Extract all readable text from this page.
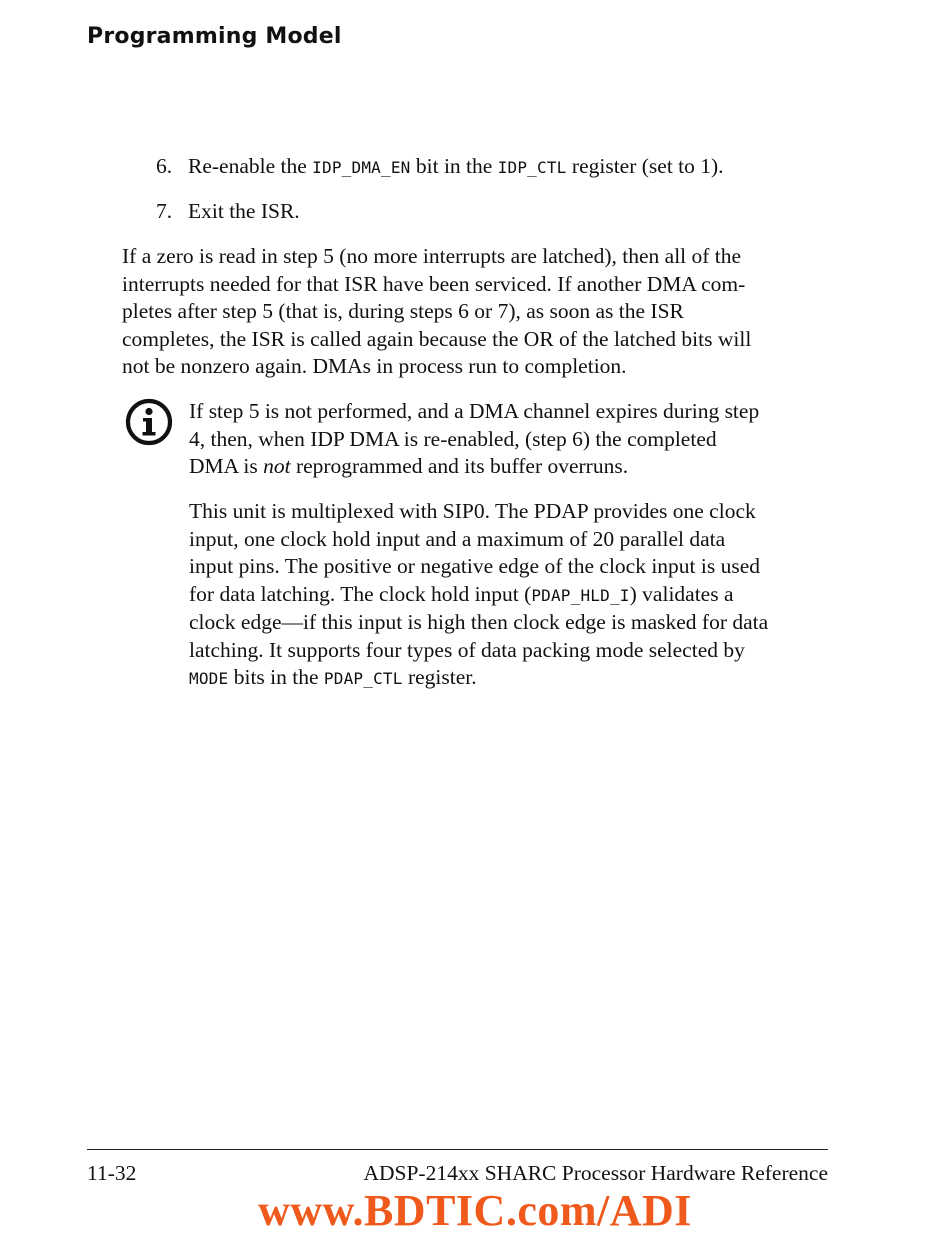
Programming Model
6. Re-enable the IDP_DMA_EN bit in the IDP_CTL register (set to 1).
7. Exit the ISR.
If a zero is read in step 5 (no more interrupts are latched), then all of the
interrupts needed for that ISR have been serviced. If another DMA com-
pletes after step 5 (that is, during steps 6 or 7), as soon as the ISR
completes, the ISR is called again because the OR of the latched bits will
not be nonzero again. DMAs in process run to completion.
If step 5 is not performed, and a DMA channel expires during step
4, then, when IDP DMA is re-enabled, (step 6) the completed
DMA is not reprogrammed and its buffer overruns.
This unit is multiplexed with SIP0. The PDAP provides one clock
input, one clock hold input and a maximum of 20 parallel data
input pins. The positive or negative edge of the clock input is used
for data latching. The clock hold input (PDAP_HLD_I) validates a
clock edge—if this input is high then clock edge is masked for data
latching. It supports four types of data packing mode selected by
MODE bits in the PDAP_CTL register.
11-32	ADSP-214xx SHARC Processor Hardware Reference
www.BDTIC.com/ADI
